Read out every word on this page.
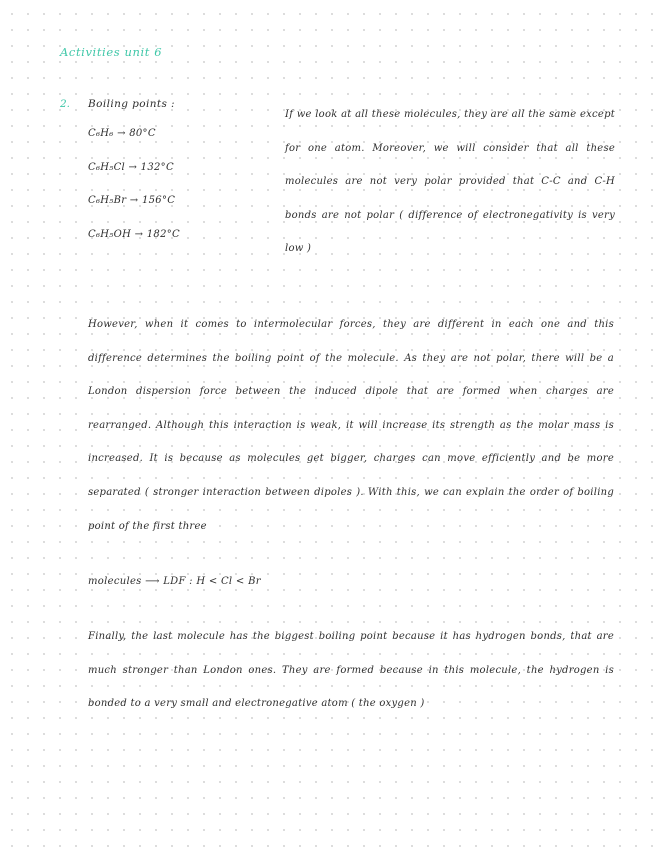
Activities unit 6
2. Boiling points :
C₆H₆ → 80°C
C₆H₅Cl → 132°C
C₆H₅Br → 156°C
C₆H₅OH → 182°C

If we look at all these molecules, they are all the same except for one atom. Moreover, we will consider that all these molecules are not very polar provided that C-C and C-H bonds are not polar ( difference of electronegativity is very low )

However, when it comes to intermolecular forces, they are different in each one and this difference determines the boiling point of the molecule. As they are not polar, there will be a London dispersion force between the induced dipole that are formed when charges are rearranged. Although this interaction is weak, it will increase its strength as the molar mass is increased. It is because as molecules get bigger, charges can move efficiently and be more separated ( stronger interaction between dipoles ). With this, we can explain the order of boiling point of the first three

molecules ⟶ LDF : H < Cl < Br

Finally, the last molecule has the biggest boiling point because it has hydrogen bonds, that are much stronger than London ones. They are formed because in this molecule, the hydrogen is bonded to a very small and electronegative atom ( the oxygen )
